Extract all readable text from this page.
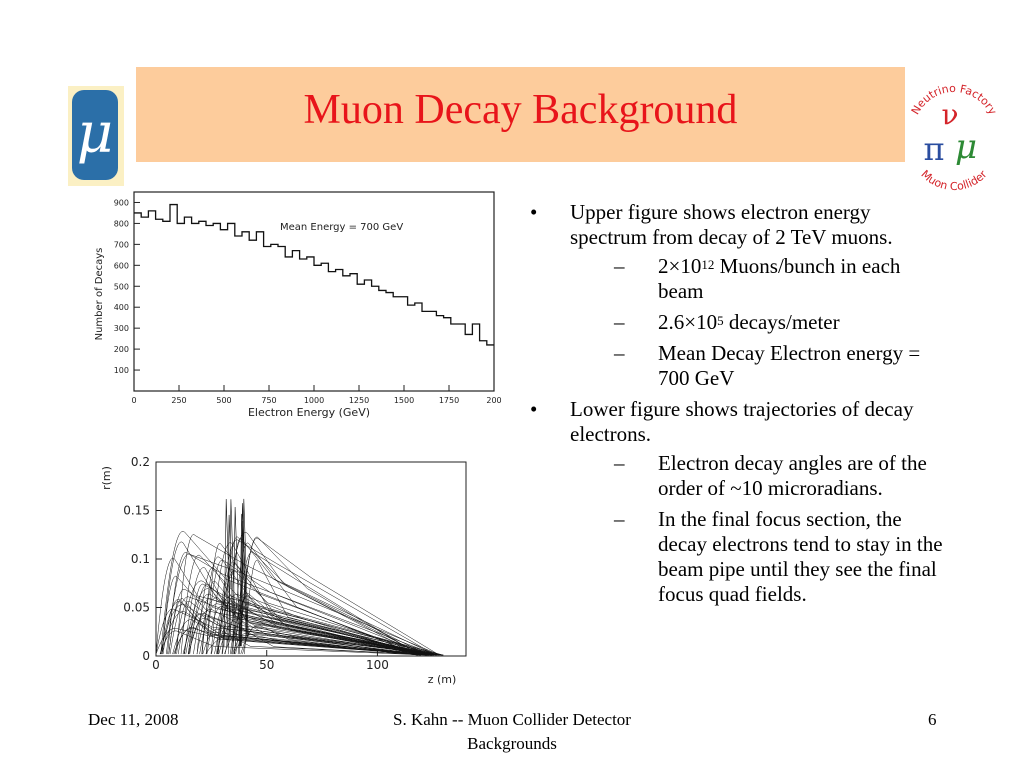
μ	Muon Decay Background	Neutrino Factory
Muon Collider
ν
π μ
Mean Energy = 700 GeV
Electron Energy (GeV)
Number of Decays
0	250	500	750	1000	1250	1500	1750	200
100
200
300
400
500
600
700
800
900
r(m)
z (m)
0	50	100
0
0.05
0.1
0.15
0.2
• Upper figure shows electron energy spectrum from decay of 2 TeV muons.
– $2\times 10^{12}$ Muons/bunch in each beam
– $2.6\times 10^5$ decays/meter
– Mean Decay Electron energy = 700 GeV
• Lower figure shows trajectories of decay electrons.
– Electron decay angles are of the order of ~10 microradians.
– In the final focus section, the decay electrons tend to stay in the beam pipe until they see the final focus quad fields.
Dec 11, 2008	S. Kahn -- Muon Collider Detector Backgrounds
6
